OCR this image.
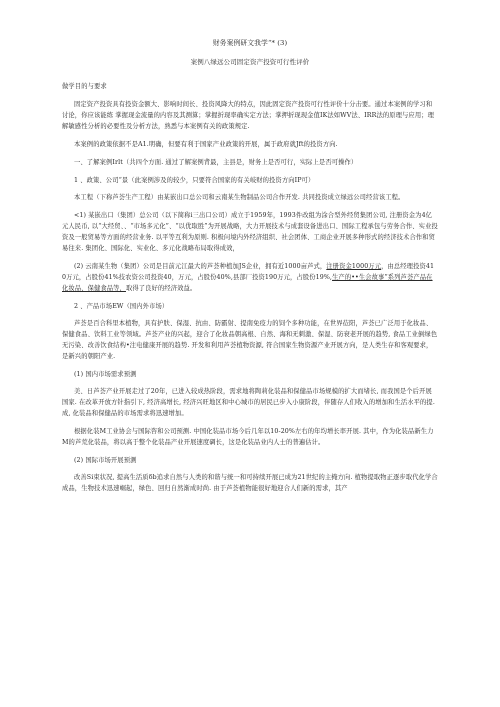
财务案例研文我学“* (3)

案例八绿远公司固定资产投资可行性评价

做学目的与要求

固定资产投资具有投资金额大、影响时间长、投资风降大的特点，因此固定资产投资可行性评价十分击要。通过本案例的学习和讨论，你应该能练 掌握现金流量的内容及其测算；掌握折现率确实定方法；掌押折现现金值IK法如WV法、IRR法的原理与应用；理解敏感性分析的必要性及分析方法，熟悉与本案例有关的政策规定.

本案例的政策依据不是A1.明确，但要有利于国家产业政策的开展，属于政府就Jft的投资方向.

一、了解案例Irlt（共四个方面. 通过了解案例背最，主县是，财务上是否可行，实际上是否可操作）

1 、政策、公司“景（此案例涉及的较少，只要符合国家的有关岐财的投资方向IP可）

本工程（下称芦荟生产工程）由某嵌出口总公司和云南某生物制品公司合作开发. 共同投资成立绿远公司经营该工程。

<1) 某嵌出口（集团）总公司（以下简称i三出口公司）成立于1959年，1993件改组为涂合型外经贸集团公司, 注册资金为4亿元人民币, 以“大经贸、、“市场多元化”、“以优取胜”为开展战略，大力开展技术与成套设备进出口、国际工程承包与劳务合作、实业投资及一般贸易等方面的经营业务. 以平等互利为原则. 积极问境内外经济组织、社会团体、工商企业开展多种形式的经济技术合作和贸易往来. 集团化、国际化、实业化、多元化战略布局取得成效，

(2) 云南某生物（集团）公司是目前元江最大的芦荟种植加JS企业，拥有近1000亩芦式，注册资金1000万元，由总经理投资410万元，占股份41%技农资公司投资40，万元，占股份40%,县部厂投资190万元，占股份19%,生产的••生会故事”系列芦荟产品在化妆品、保健食品等，取得了良好的经济效益。

2 、产品市场EW（国内外市场）

芦荟是百合科里本植物，具有护肤、保湿、抗由、防霸射、提南免疫力的饲个多种功能，在世界莅阳，芦荟已广泛用于化妆品、保健食品、饮料工业等领域。芦荟产业的兴起，迎合了化妆品朝高根、自然、海和无刺激、保湿、防衰老开展的趋势, 食品工业倒绿色无污染、改善饮食结构•注电健康开展的趋势. 开发和利用芦荟植物资源, 符合国家生物资源产业开展方向，是人类生存和客观要求，是新兴的朝阳产业.

(1) 国内市场需求预测

美、日芦荟产业开展走过了20年，已进入较成热阶段，需求地将陶莉化装品和保健品市场规模的扩大而堵长, 而我国是个后开展国家. 在改革开放方针指引下, 经济高增长, 经济兴旺地区和中心城市的居民已步入小康阶段，伴随存人们收入的增加和生活水平的提.成, 化装品和保健品的市场需求将迅速增加。

根据化装M工业协会与国际咨和公司预测. 中国化装品市场今后几年以10-20%左右的年均增长率开展. 其中，作为化装品新生力M的芦荒化装品，将以高于整个化装品产业开展速度碉长，这是化装品业内人士的普遍估计。

(2) 国际市场开展预测

改善Si束状况, 提高生活质δb追求自然与人类的和谐与统一和可持续开展已成为21世纪的主掩方向. 植物提取物正逐步取代化学合成品，生物技术迅速崛起，绿色、回归自然渐成时尚. 由于芦荟植物能很好地迎合人们新的需求，其产
